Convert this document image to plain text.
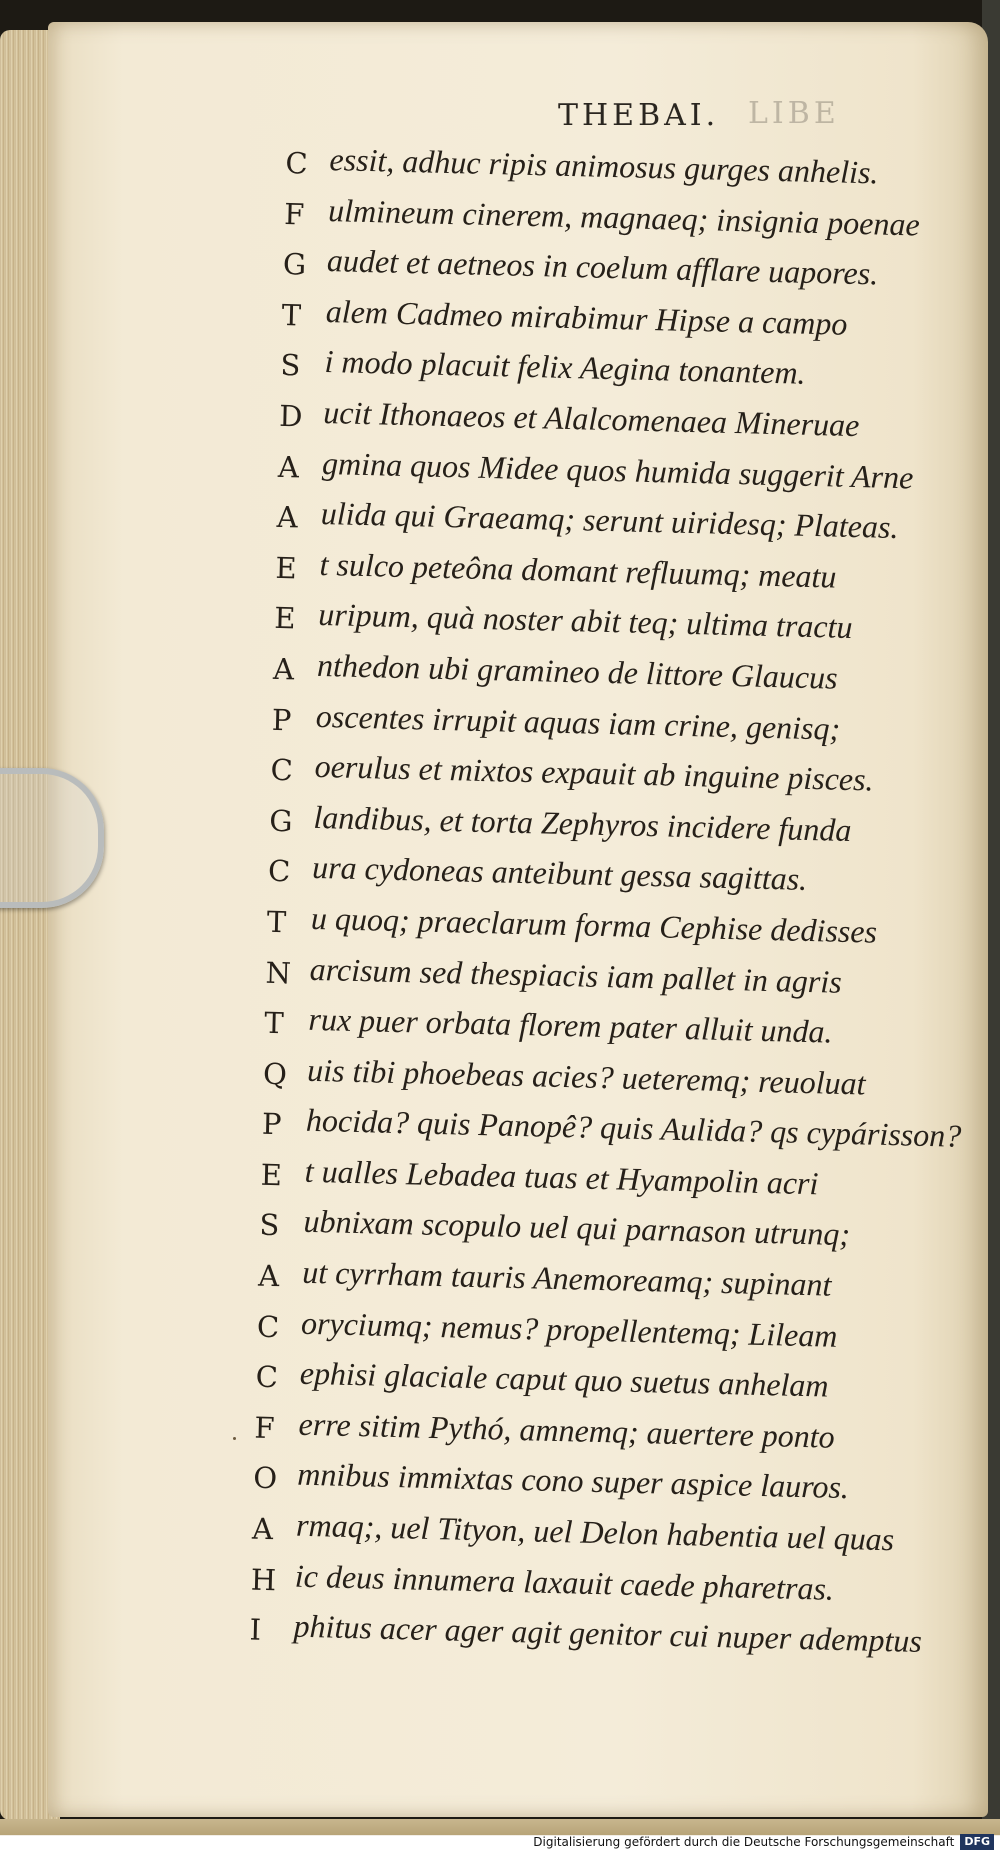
LIBE
THEBAI.
C essit, adhuc ripis animosus gurges anhelis.
F ulmineum cinerem, magnaeq; insignia poenae
G audet et aetneos in coelum afflare uapores.
T alem Cadmeo mirabimur Hipse a campo
S i modo placuit felix Aegina tonantem.
D ucit Ithonaeos et Alalcomenaea Mineruae
A gmina quos Midee quos humida suggerit Arne
A ulida qui Graeamq; serunt uiridesq; Plateas.
E t sulco peteôna domant refluumq; meatu
E uripum, quà noster abit teq; ultima tractu
A nthedon ubi gramineo de littore Glaucus
P oscentes irrupit aquas iam crine, genisq;
C oerulus et mixtos expauit ab inguine pisces.
G landibus, et torta Zephyros incidere funda
C ura cydoneas anteibunt gessa sagittas.
T u quoq; praeclarum forma Cephise dedisses
N arcisum sed thespiacis iam pallet in agris
T rux puer orbata florem pater alluit unda.
Q uis tibi phoebeas acies? ueteremq; reuoluat
P hocida? quis Panopê? quis Aulida? qs cypárisson?
E t ualles Lebadea tuas et Hyampolin acri
S ubnixam scopulo uel qui parnason utrunq;
A ut cyrrham tauris Anemoreamq; supinant
C oryciumq; nemus? propellentemq; Lileam
C ephisi glaciale caput quo suetus anhelam
F erre sitim Pythó, amnemq; auertere ponto
O mnibus immixtas cono super aspice lauros.
A rmaq;, uel Tityon, uel Delon habentia uel quas
H ic deus innumera laxauit caede pharetras.
I phitus acer ager agit genitor cui nuper ademptus
Digitalisierung gefördert durch die Deutsche Forschungsgemeinschaft DFG
